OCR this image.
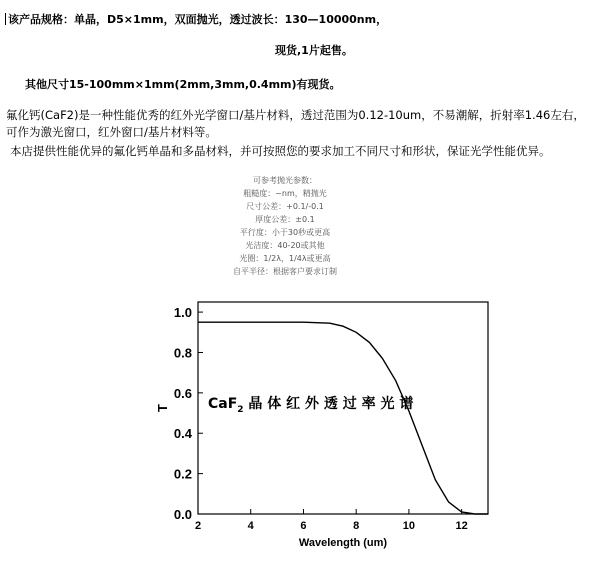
该产品规格：单晶，D5×1mm，双面抛光，透过波长：130—10000nm，
现货,1片起售。
其他尺寸15-100mm×1mm(2mm,3mm,0.4mm)有现货。
氟化钙(CaF2)是一种性能优秀的红外光学窗口/基片材料，透过范围为0.12-10um，不易潮解，折射率1.46左右，
可作为激光窗口，红外窗口/基片材料等。
本店提供性能优异的氟化钙单晶和多晶材料，并可按照您的要求加工不同尺寸和形状，保证光学性能优异。
可参考抛光参数：
粗糙度：~nm，精抛光
尺寸公差：+0.1/-0.1
厚度公差：±0.1
平行度：小于30秒或更高
光洁度：40-20或其他
光圈：1/2λ，1/4λ或更高
自平半径：根据客户要求订制
2	4	6	8	10	12
0.0
0.2
0.4
0.6
0.8
1.0
Wavelength (um)
T	CaF$_2$ 晶 体 红 外 透 过 率 光 谱
